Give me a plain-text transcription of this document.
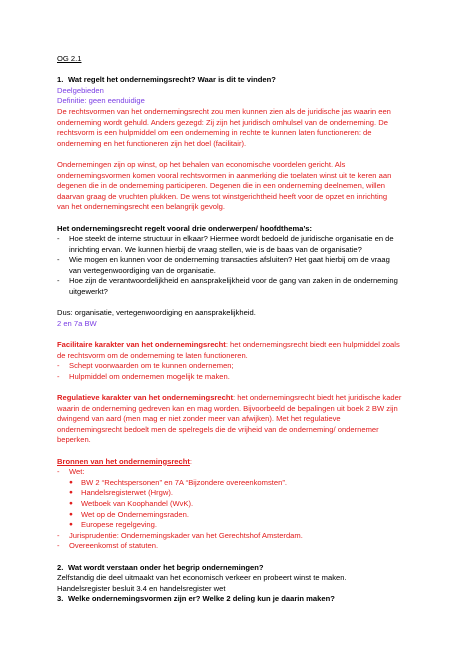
OG 2.1
1. Wat regelt het ondernemingsrecht? Waar is dit te vinden?
Deelgebieden
Definitie: geen eenduidige
De rechtsvormen van het ondernemingsrecht zou men kunnen zien als de juridische jas waarin een
onderneming wordt gehuld. Anders gezegd: Zij zijn het juridisch omhulsel van de onderneming. De
rechtsvorm is een hulpmiddel om een onderneming in rechte te kunnen laten functioneren: de
onderneming en het functioneren zijn het doel (facilitair).
Ondernemingen zijn op winst, op het behalen van economische voordelen gericht. Als
ondernemingsvormen komen vooral rechtsvormen in aanmerking die toelaten winst uit te keren aan
degenen die in de onderneming participeren. Degenen die in een onderneming deelnemen, willen
daarvan graag de vruchten plukken. De wens tot winstgerichtheid heeft voor de opzet en inrichting
van het ondernemingsrecht een belangrijk gevolg.
Het ondernemingsrecht regelt vooral drie onderwerpen/ hoofdthema’s:
-	Hoe steekt de interne structuur in elkaar? Hiermee wordt bedoeld de juridische organisatie en de
inrichting ervan. We kunnen hierbij de vraag stellen, wie is de baas van de organisatie?
-	Wie mogen en kunnen voor de onderneming transacties afsluiten? Het gaat hierbij om de vraag
van vertegenwoordiging van de organisatie.
-	Hoe zijn de verantwoordelijkheid en aansprakelijkheid voor de gang van zaken in de onderneming
uitgewerkt?
Dus: organisatie, vertegenwoordiging en aansprakelijkheid.
2 en 7a BW
Facilitaire karakter van het ondernemingsrecht: het ondernemingsrecht biedt een hulpmiddel zoals
de rechtsvorm om de onderneming te laten functioneren.
-	Schept voorwaarden om te kunnen ondernemen;
-	Hulpmiddel om ondernemen mogelijk te maken.
Regulatieve karakter van het ondernemingsrecht: het ondernemingsrecht biedt het juridische kader
waarin de onderneming gedreven kan en mag worden. Bijvoorbeeld de bepalingen uit boek 2 BW zijn
dwingend van aard (men mag er niet zonder meer van afwijken). Met het regulatieve
ondernemingsrecht bedoelt men de spelregels die de vrijheid van de onderneming/ ondernemer
beperken.
Bronnen van het ondernemingsrecht:
-	Wet:
●	BW 2 “Rechtspersonen” en 7A “Bijzondere overeenkomsten”.
●	Handelsregisterwet (Hrgw).
●	Wetboek van Koophandel (WvK).
●	Wet op de Ondernemingsraden.
●	Europese regelgeving.
-	Jurisprudentie: Ondernemingskader van het Gerechtshof Amsterdam.
-	Overeenkomst of statuten.
2. Wat wordt verstaan onder het begrip ondernemingen?
Zelfstandig die deel uitmaakt van het economisch verkeer en probeert winst te maken.
Handelsregister besluit 3.4 en handelsregister wet
3. Welke ondernemingsvormen zijn er? Welke 2 deling kun je daarin maken?
